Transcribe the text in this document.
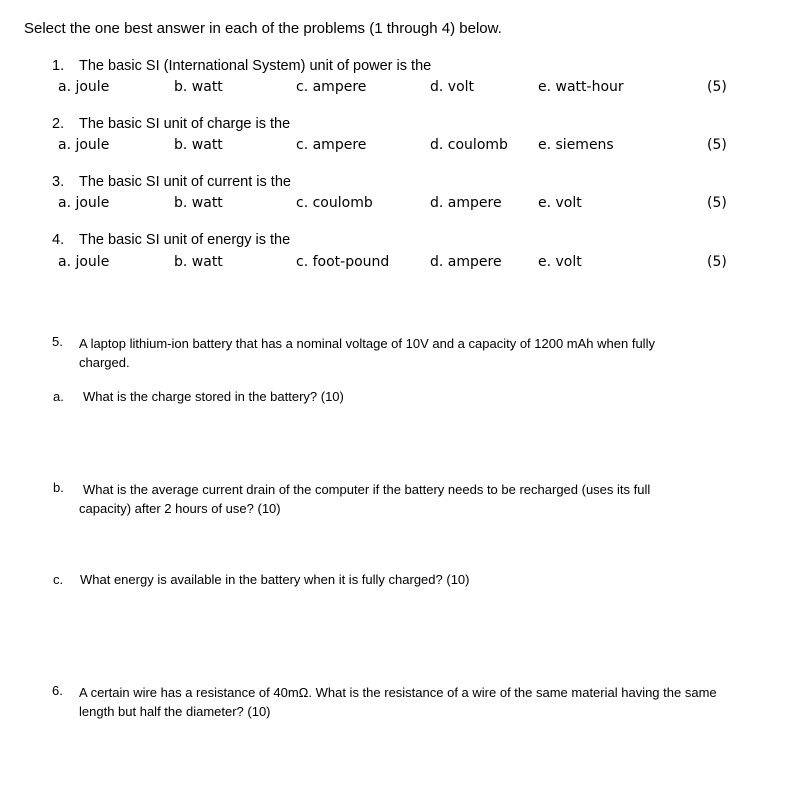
Select the one best answer in each of the problems (1 through 4) below.
1. The basic SI (International System) unit of power is the
a. joule	b. watt	c. ampere	d. volt	e. watt-hour	(5)
2. The basic SI unit of charge is the
a. joule	b. watt	c. ampere	d. coulomb e. siemens	(5)
3. The basic SI unit of current is the
a. joule	b. watt	c. coulomb	d. ampere	e. volt	(5)
4. The basic SI unit of energy is the
a. joule	b. watt	c. foot-pound	d. ampere	e. volt	(5)
5. A laptop lithium-ion battery that has a nominal voltage of 10V and a capacity of 1200 mAh when fully charged.
a. What is the charge stored in the battery? (10)
b.	What is the average current drain of the computer if the battery needs to be recharged (uses its full capacity) after 2 hours of use? (10)
c. What energy is available in the battery when it is fully charged? (10)
6. A certain wire has a resistance of 40mΩ. What is the resistance of a wire of the same material having the same length but half the diameter? (10)
